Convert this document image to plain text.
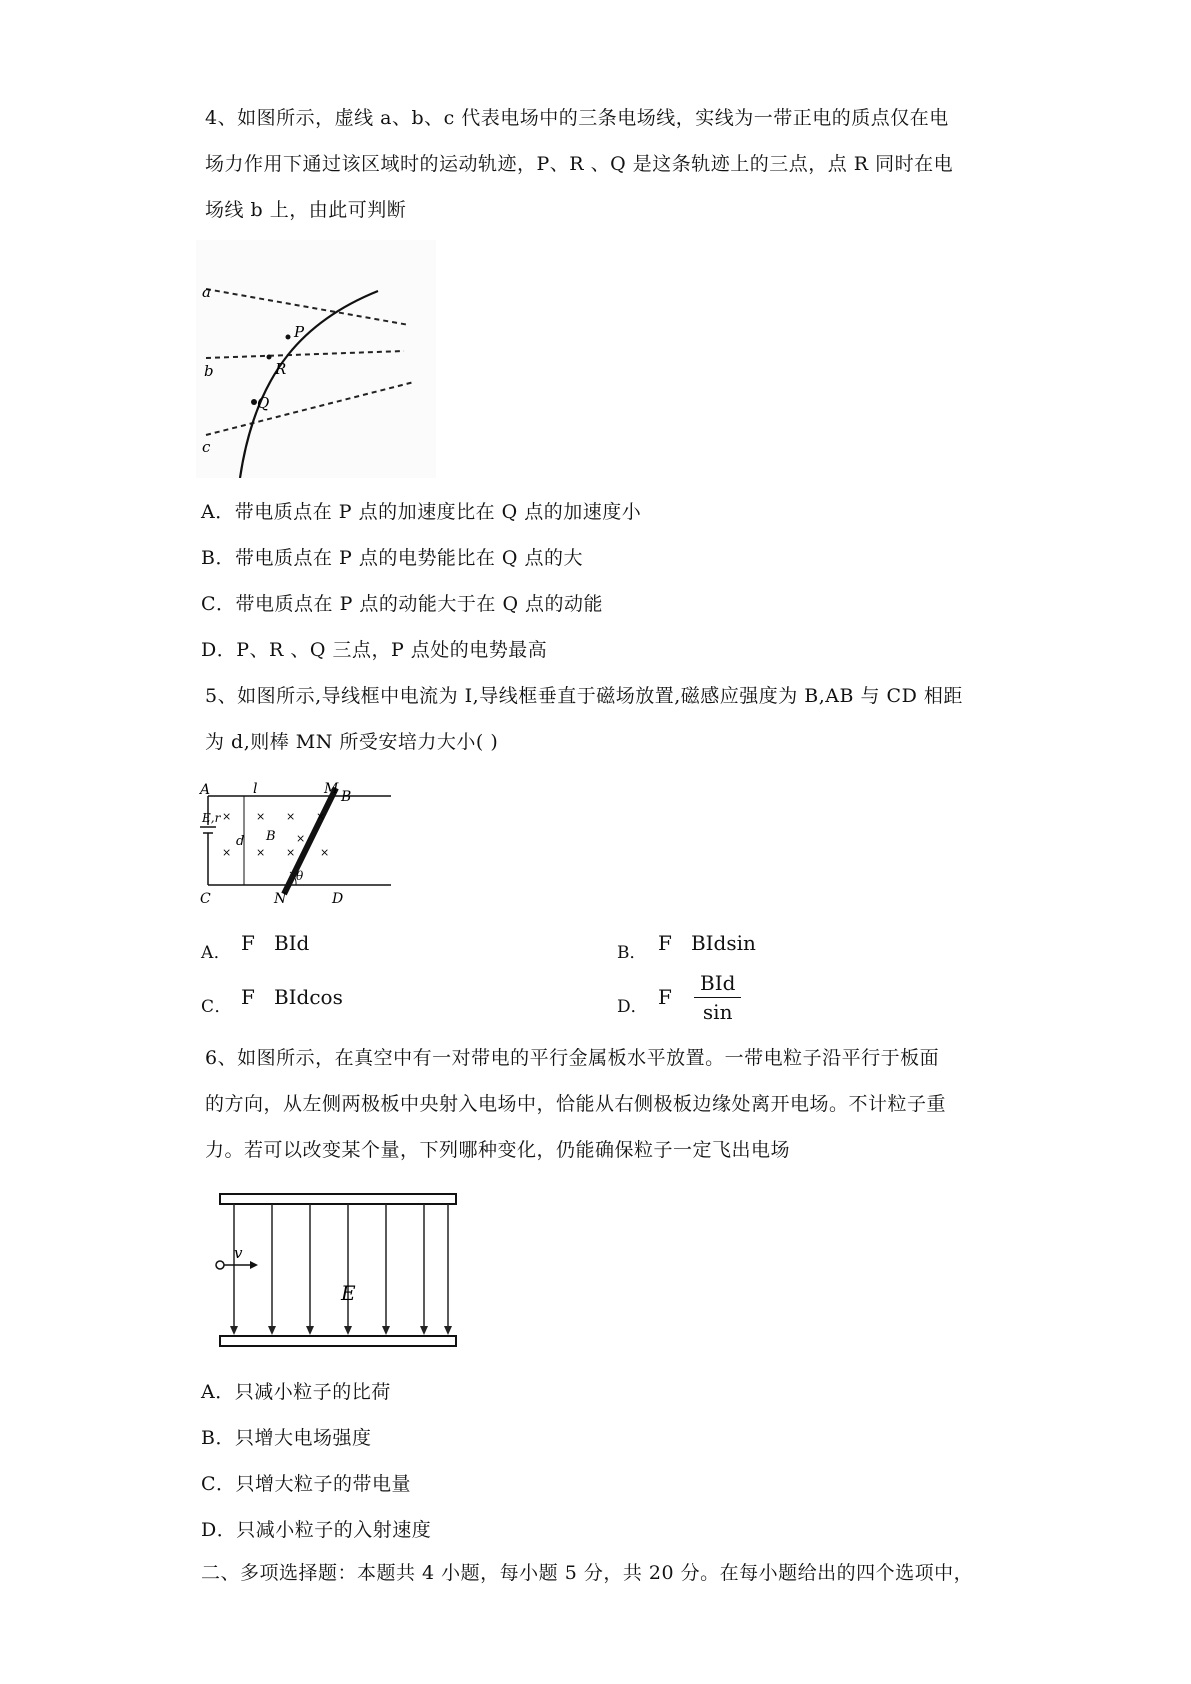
4、如图所示，虚线 a、b、c 代表电场中的三条电场线，实线为一带正电的质点仅在电
场力作用下通过该区域时的运动轨迹，P、R 、Q 是这条轨迹上的三点，点 R 同时在电
场线 b 上，由此可判断
a
b
c
P
R
Q
A．带电质点在 P 点的加速度比在 Q 点的加速度小
B．带电质点在 P 点的电势能比在 Q 点的大
C．带电质点在 P 点的动能大于在 Q 点的动能
D．P、R 、Q 三点，P 点处的电势最高
5、如图所示,导线框中电流为 I,导线框垂直于磁场放置,磁感应强度为 B,AB 与 CD 相距
为 d,则棒 MN 所受安培力大小( )
A	l	M B
E,r
d B
θ
C	N	D
×
×
×
×
×
×
×
×
×
A． F   BId	B． F   BIdsin
C． F   BIdcos	D． F
BId
sin
6、如图所示，在真空中有一对带电的平行金属板水平放置。一带电粒子沿平行于板面
的方向，从左侧两极板中央射入电场中，恰能从右侧极板边缘处离开电场。不计粒子重
力。若可以改变某个量，下列哪种变化，仍能确保粒子一定飞出电场
v
E
A．只减小粒子的比荷
B．只增大电场强度
C．只增大粒子的带电量
D．只减小粒子的入射速度
二、多项选择题：本题共 4 小题，每小题 5 分，共 20 分。在每小题给出的四个选项中，
